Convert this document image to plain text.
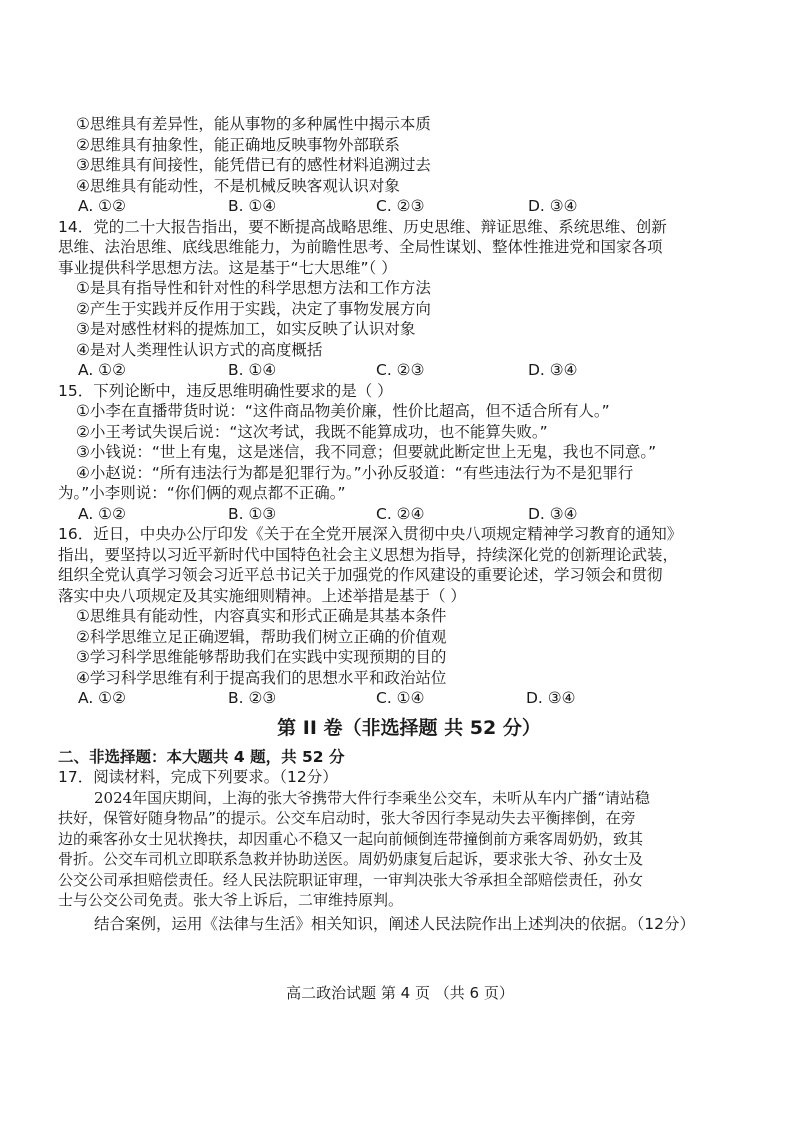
①思维具有差异性，能从事物的多种属性中揭示本质
②思维具有抽象性，能正确地反映事物外部联系
③思维具有间接性，能凭借已有的感性材料追溯过去
④思维具有能动性，不是机械反映客观认识对象
A. ①②	B. ①④	C. ②③	D. ③④
14．党的二十大报告指出，要不断提高战略思维、历史思维、辩证思维、系统思维、创新
思维、法治思维、底线思维能力，为前瞻性思考、全局性谋划、整体性推进党和国家各项
事业提供科学思想方法。这是基于“七大思维”（ ）
①是具有指导性和针对性的科学思想方法和工作方法
②产生于实践并反作用于实践，决定了事物发展方向
③是对感性材料的提炼加工，如实反映了认识对象
④是对人类理性认识方式的高度概括
A. ①②	B. ①④	C. ②③	D. ③④
15．下列论断中，违反思维明确性要求的是（ ）
①小李在直播带货时说：“这件商品物美价廉，性价比超高，但不适合所有人。”
②小王考试失误后说：“这次考试，我既不能算成功，也不能算失败。”
③小钱说：“世上有鬼，这是迷信，我不同意；但要就此断定世上无鬼，我也不同意。”
④小赵说：“所有违法行为都是犯罪行为。”小孙反驳道：“有些违法行为不是犯罪行
为。”小李则说：“你们俩的观点都不正确。”
A. ①②	B. ①③	C. ②④	D. ③④
16．近日，中央办公厅印发《关于在全党开展深入贯彻中央八项规定精神学习教育的通知》
指出，要坚持以习近平新时代中国特色社会主义思想为指导，持续深化党的创新理论武装，
组织全党认真学习领会习近平总书记关于加强党的作风建设的重要论述，学习领会和贯彻
落实中央八项规定及其实施细则精神。上述举措是基于（ ）
①思维具有能动性，内容真实和形式正确是其基本条件
②科学思维立足正确逻辑，帮助我们树立正确的价值观
③学习科学思维能够帮助我们在实践中实现预期的目的
④学习科学思维有利于提高我们的思想水平和政治站位
A. ①②	B. ②③	C. ①④	D. ③④
第 II 卷（非选择题 共 52 分）
二、非选择题：本大题共 4 题，共 52 分
17．阅读材料，完成下列要求。（12分）
2024年国庆期间，上海的张大爷携带大件行李乘坐公交车，未听从车内广播“请站稳
扶好，保管好随身物品”的提示。公交车启动时，张大爷因行李晃动失去平衡摔倒，在旁
边的乘客孙女士见状搀扶，却因重心不稳又一起向前倾倒连带撞倒前方乘客周奶奶，致其
骨折。公交车司机立即联系急救并协助送医。周奶奶康复后起诉，要求张大爷、孙女士及
公交公司承担赔偿责任。经人民法院职证审理，一审判决张大爷承担全部赔偿责任，孙女
士与公交公司免责。张大爷上诉后，二审维持原判。
结合案例，运用《法律与生活》相关知识，阐述人民法院作出上述判决的依据。（12分）
高二政治试题 第 4 页 （共 6 页）
